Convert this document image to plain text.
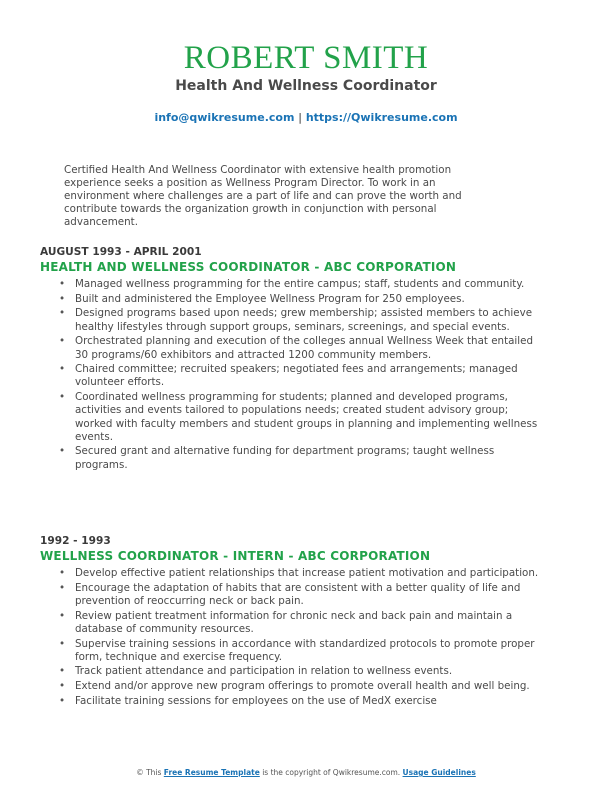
ROBERT SMITH
Health And Wellness Coordinator
info@qwikresume.com | https://Qwikresume.com
Certified Health And Wellness Coordinator with extensive health promotion experience seeks a position as Wellness Program Director. To work in an environment where challenges are a part of life and can prove the worth and contribute towards the organization growth in conjunction with personal advancement.
AUGUST 1993 - APRIL 2001
HEALTH AND WELLNESS COORDINATOR - ABC CORPORATION
• Managed wellness programming for the entire campus; staff, students and community.
• Built and administered the Employee Wellness Program for 250 employees.
• Designed programs based upon needs; grew membership; assisted members to achieve healthy lifestyles through support groups, seminars, screenings, and special events.
• Orchestrated planning and execution of the colleges annual Wellness Week that entailed 30 programs/60 exhibitors and attracted 1200 community members.
• Chaired committee; recruited speakers; negotiated fees and arrangements; managed volunteer efforts.
• Coordinated wellness programming for students; planned and developed programs, activities and events tailored to populations needs; created student advisory group; worked with faculty members and student groups in planning and implementing wellness events.
• Secured grant and alternative funding for department programs; taught wellness programs.
1992 - 1993
WELLNESS COORDINATOR - INTERN - ABC CORPORATION
• Develop effective patient relationships that increase patient motivation and participation.
• Encourage the adaptation of habits that are consistent with a better quality of life and prevention of reoccurring neck or back pain.
• Review patient treatment information for chronic neck and back pain and maintain a database of community resources.
• Supervise training sessions in accordance with standardized protocols to promote proper form, technique and exercise frequency.
• Track patient attendance and participation in relation to wellness events.
• Extend and/or approve new program offerings to promote overall health and well being.
• Facilitate training sessions for employees on the use of MedX exercise
© This Free Resume Template is the copyright of Qwikresume.com. Usage Guidelines
